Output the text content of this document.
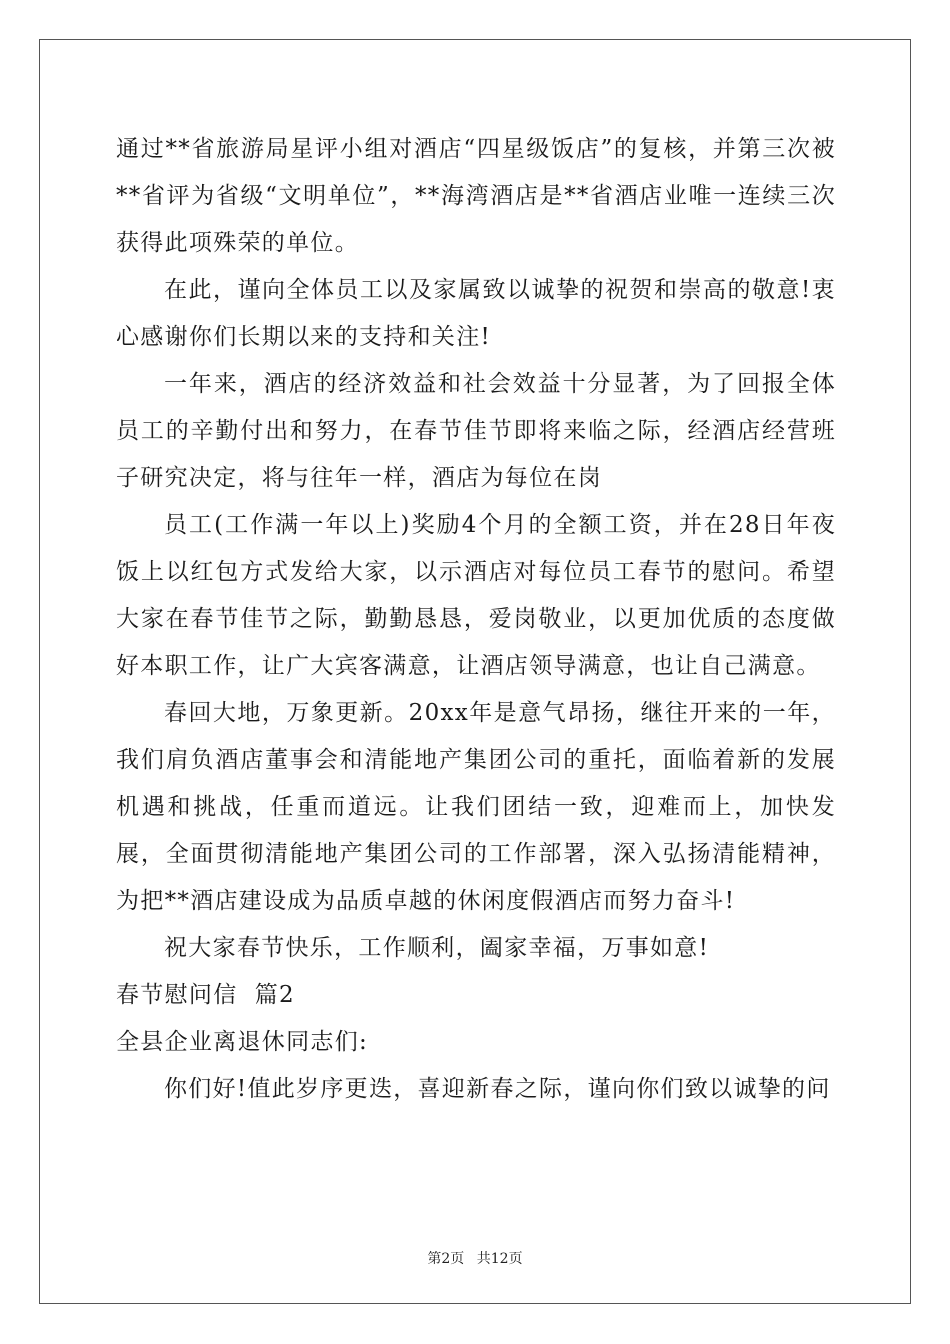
通过**省旅游局星评小组对酒店“四星级饭店”的复核，并第三次被**省评为省级“文明单位”，**海湾酒店是**省酒店业唯一连续三次获得此项殊荣的单位。

在此，谨向全体员工以及家属致以诚挚的祝贺和崇高的敬意!衷心感谢你们长期以来的支持和关注!

一年来，酒店的经济效益和社会效益十分显著，为了回报全体员工的辛勤付出和努力，在春节佳节即将来临之际，经酒店经营班子研究决定，将与往年一样，酒店为每位在岗

员工(工作满一年以上)奖励4个月的全额工资，并在28日年夜饭上以红包方式发给大家，以示酒店对每位员工春节的慰问。希望大家在春节佳节之际，勤勤恳恳，爱岗敬业，以更加优质的态度做好本职工作，让广大宾客满意，让酒店领导满意，也让自己满意。

春回大地，万象更新。20xx年是意气昂扬，继往开来的一年，我们肩负酒店董事会和清能地产集团公司的重托，面临着新的发展机遇和挑战，任重而道远。让我们团结一致，迎难而上，加快发展，全面贯彻清能地产集团公司的工作部署，深入弘扬清能精神，为把**酒店建设成为品质卓越的休闲度假酒店而努力奋斗!

祝大家春节快乐，工作顺利，阖家幸福，万事如意!

春节慰问信  篇2

全县企业离退休同志们:

你们好!值此岁序更迭，喜迎新春之际，谨向你们致以诚挚的问

第2页 共12页
